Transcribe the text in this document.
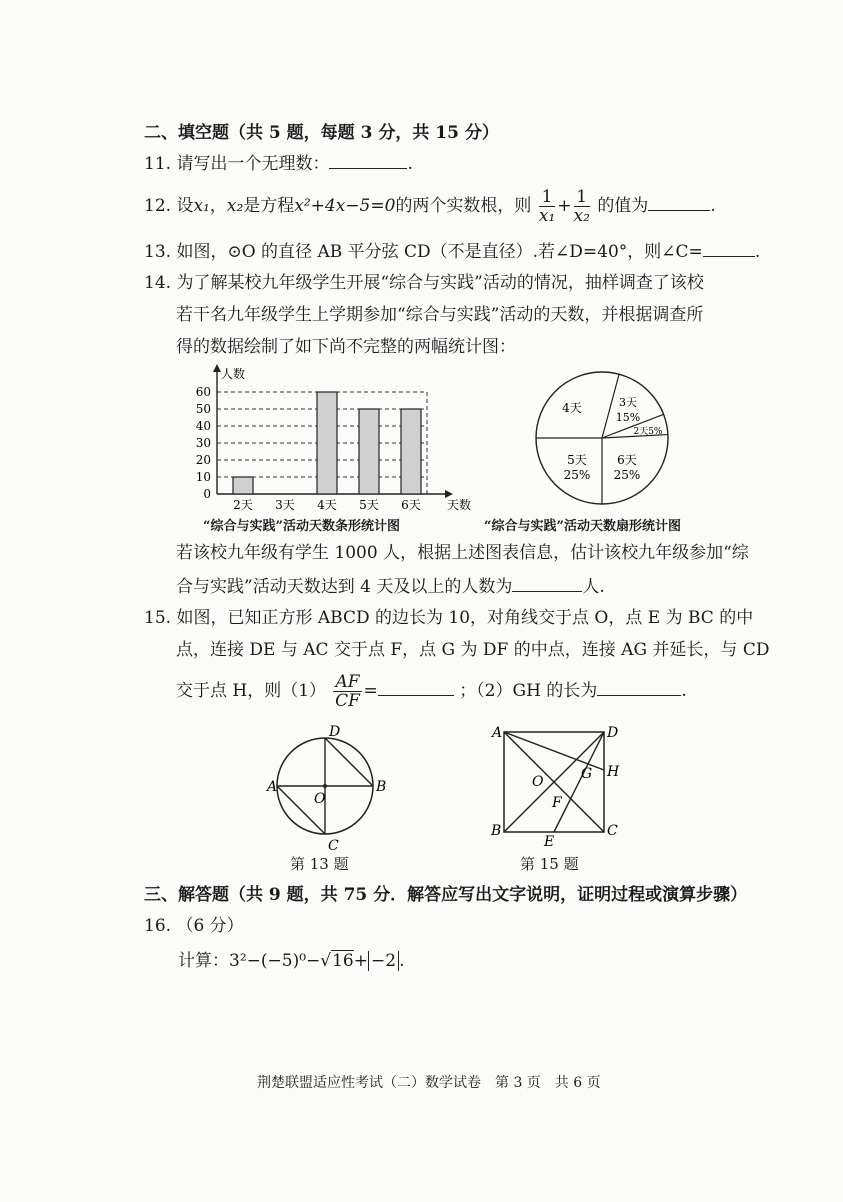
二、填空题（共 5 题，每题 3 分，共 15 分）
11. 请写出一个无理数：	.
12. 设x₁，x₂是方程x²+4x−5=0的两个实数根，则 $\frac{1}{\text{x₁}} + \frac{1}{\text{x₂}}$ 的值为	.
13. 如图，⊙O 的直径 AB 平分弦 CD（不是直径）.若∠D=40°，则∠C=	.
14. 为了解某校九年级学生开展“综合与实践”活动的情况，抽样调查了该校
若干名九年级学生上学期参加“综合与实践”活动的天数，并根据调查所
得的数据绘制了如下尚不完整的两幅统计图：
0
10
20
30
40
50
60
人数
天数
2天 3天 4天 5天 6天
“综合与实践”活动天数条形统计图
4天	3天
15%
2天5%
6天
25%
5天
25%
“综合与实践”活动天数扇形统计图
若该校九年级有学生 1000 人，根据上述图表信息，估计该校九年级参加“综
合与实践”活动天数达到 4 天及以上的人数为	人.
15. 如图，已知正方形 ABCD 的边长为 10，对角线交于点 O，点 E 为 BC 的中
点，连接 DE 与 AC 交于点 F，点 G 为 DF 的中点，连接 AG 并延长，与 CD
交于点 H，则$(1) \frac{AF}{CF}$ =	；（2）GH 的长为	.
A	B
C
D
O
第 13 题
A	D
B	C
E
O
F
G H
第 15 题
三、解答题（共 9 题，共 75 分．解答应写出文字说明，证明过程或演算步骤）
16. （6 分）
计算：3²−(−5)⁰−√16+ −2 .
荆楚联盟适应性考试（二）数学试卷　第 3 页　共 6 页
